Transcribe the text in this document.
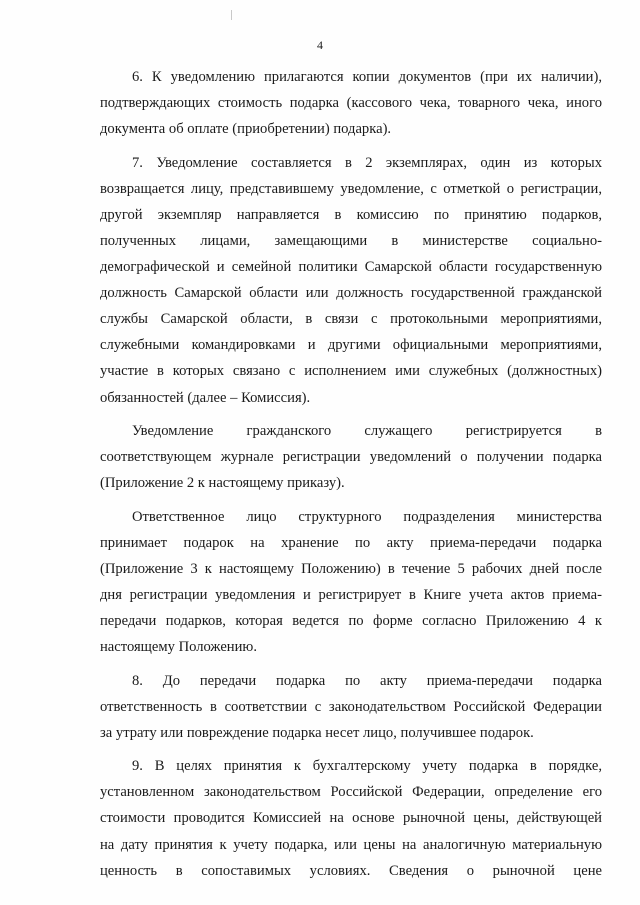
4

6. К уведомлению прилагаются копии документов (при их наличии),
подтверждающих стоимость подарка (кассового чека, товарного чека, иного
документа об оплате (приобретении) подарка).

7. Уведомление составляется в 2 экземплярах, один из которых
возвращается лицу, представившему уведомление, с отметкой о регистрации,
другой экземпляр направляется в комиссию по принятию подарков,
полученных лицами, замещающими в министерстве социально-
демографической и семейной политики Самарской области государственную
должность Самарской области или должность государственной гражданской
службы Самарской области, в связи с протокольными мероприятиями,
служебными командировками и другими официальными мероприятиями,
участие в которых связано с исполнением ими служебных (должностных)
обязанностей (далее – Комиссия).

Уведомление гражданского служащего регистрируется в
соответствующем журнале регистрации уведомлений о получении подарка
(Приложение 2 к настоящему приказу).

Ответственное лицо структурного подразделения министерства
принимает подарок на хранение по акту приема-передачи подарка
(Приложение 3 к настоящему Положению) в течение 5 рабочих дней после
дня регистрации уведомления и регистрирует в Книге учета актов приема-
передачи подарков, которая ведется по форме согласно Приложению 4 к
настоящему Положению.

8. До передачи подарка по акту приема-передачи подарка
ответственность в соответствии с законодательством Российской Федерации
за утрату или повреждение подарка несет лицо, получившее подарок.

9. В целях принятия к бухгалтерскому учету подарка в порядке,
установленном законодательством Российской Федерации, определение его
стоимости проводится Комиссией на основе рыночной цены, действующей
на дату принятия к учету подарка, или цены на аналогичную материальную
ценность в сопоставимых условиях. Сведения о рыночной цене
